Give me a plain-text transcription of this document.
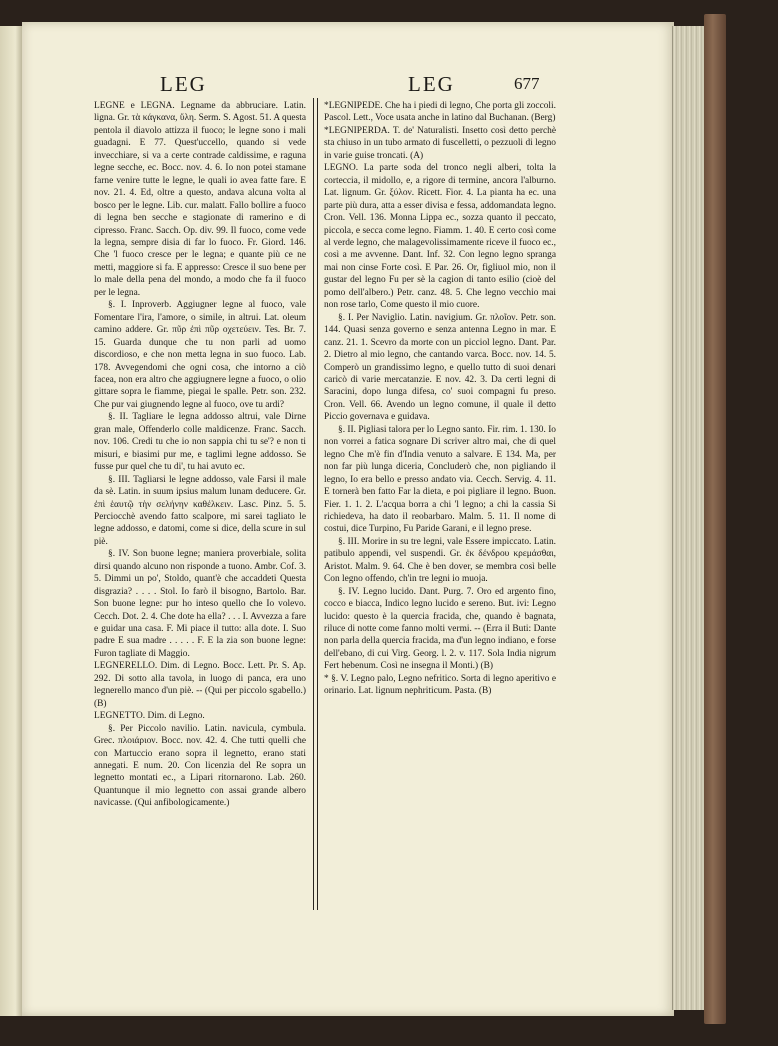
LEG	LEG	677

LEGNE e LEGNA. Legname da abbruciare. Latin. ligna. Gr. τὰ κάγκανα, ὕλη. Serm. S. Agost. 51. A questa pentola il diavolo attizza il fuoco; le legne sono i mali guadagni. E 77. Quest'uccello, quando si vede invecchiare, si va a certe contrade caldissime, e raguna legne secche, ec. Bocc. nov. 4. 6. Io non potei stamane farne venire tutte le legne, le quali io avea fatte fare. E nov. 21. 4. Ed, oltre a questo, andava alcuna volta al bosco per le legne. Lib. cur. malatt. Fallo bollire a fuoco di legna ben secche e stagionate di ramerino e di cipresso. Franc. Sacch. Op. div. 99. Il fuoco, come vede la legna, sempre disia di far lo fuoco. Fr. Giord. 146. Che 'l fuoco cresce per le legna; e quante più ce ne metti, maggiore si fa. E appresso: Cresce il suo bene per lo male della pena del mondo, a modo che fa il fuoco per le legna.

§. I. Inproverb. Aggiugner legne al fuoco, vale Fomentare l'ira, l'amore, o simile, in altrui. Lat. oleum camino addere. Gr. πῦρ ἐπὶ πῦρ οχετεύειν. Tes. Br. 7. 15. Guarda dunque che tu non parli ad uomo discordioso, e che non metta legna in suo fuoco. Lab. 178. Avvegendomi che ogni cosa, che intorno a ciò facea, non era altro che aggiugnere legne a fuoco, o olio gittare sopra le fiamme, piegai le spalle. Petr. son. 232. Che pur vai giugnendo legne al fuoco, ove tu ardi?

§. II. Tagliare le legna addosso altrui, vale Dirne gran male, Offenderlo colle maldicenze. Franc. Sacch. nov. 106. Credi tu che io non sappia chi tu se'? e non ti misuri, e biasimi pur me, e taglimi legne addosso. Se fusse pur quel che tu di', tu hai avuto ec.

§. III. Tagliarsi le legne addosso, vale Farsi il male da sè. Latin. in suum ipsius malum lunam deducere. Gr. ἐπὶ ἑαυτῷ τὴν σελήνην καθέλκειν. Lasc. Pinz. 5. 5. Perciocchè avendo fatto scalpore, mi sarei tagliato le legne addosso, e datomi, come si dice, della scure in sul piè.

§. IV. Son buone legne; maniera proverbiale, solita dirsi quando alcuno non risponde a tuono. Ambr. Cof. 3. 5. Dimmi un po', Stoldo, quant'è che accaddeti Questa disgrazia? . . . . Stol. Io farò il bisogno, Bartolo. Bar. Son buone legne: pur ho inteso quello che Io volevo. Cecch. Dot. 2. 4. Che dote ha ella? . . . I. Avvezza a fare e guidar una casa. F. Mi piace il tutto: alla dote. I. Suo padre E sua madre . . . . . F. E la zia son buone legne: Furon tagliate di Maggio.

LEGNERELLO. Dim. di Legno. Bocc. Lett. Pr. S. Ap. 292. Di sotto alla tavola, in luogo di panca, era uno legnerello manco d'un piè. -- (Qui per piccolo sgabello.) (B)

LEGNETTO. Dim. di Legno.

§. Per Piccolo navilio. Latin. navicula, cymbula. Grec. πλοιάριον. Bocc. nov. 42. 4. Che tutti quelli che con Martuccio erano sopra il legnetto, erano stati annegati. E num. 20. Con licenzia del Re sopra un legnetto montati ec., a Lipari ritornarono. Lab. 260. Quantunque il mio legnetto con assai grande albero navicasse. (Qui anfibologicamente.)

*LEGNIPEDE. Che ha i piedi di legno, Che porta gli zoccoli. Pascol. Lett., Voce usata anche in latino dal Buchanan. (Berg)

*LEGNIPERDA. T. de' Naturalisti. Insetto così detto perchè sta chiuso in un tubo armato di fuscelletti, o pezzuoli di legno in varie guise troncati. (A)

LEGNO. La parte soda del tronco negli alberi, tolta la corteccia, il midollo, e, a rigore di termine, ancora l'alburno. Lat. lignum. Gr. ξύλον. Ricett. Fior. 4. La pianta ha ec. una parte più dura, atta a esser divisa e fessa, addomandata legno. Cron. Vell. 136. Monna Lippa ec., sozza quanto il peccato, piccola, e secca come legno. Fiamm. 1. 40. E certo così come al verde legno, che malagevolissimamente riceve il fuoco ec., così a me avvenne. Dant. Inf. 32. Con legno legno spranga mai non cinse Forte così. E Par. 26. Or, figliuol mio, non il gustar del legno Fu per sè la cagion di tanto esilio (cioè del pomo dell'albero.) Petr. canz. 48. 5. Che legno vecchio mai non rose tarlo, Come questo il mio cuore.

§. I. Per Naviglio. Latin. navigium. Gr. πλοῖον. Petr. son. 144. Quasi senza governo e senza antenna Legno in mar. E canz. 21. 1. Scevro da morte con un picciol legno. Dant. Par. 2. Dietro al mio legno, che cantando varca. Bocc. nov. 14. 5. Comperò un grandissimo legno, e quello tutto di suoi denari caricò di varie mercatanzie. E nov. 42. 3. Da certi legni di Saracini, dopo lunga difesa, co' suoi compagni fu preso. Cron. Vell. 66. Avendo un legno comune, il quale il detto Piccio governava e guidava.

§. II. Pigliasi talora per lo Legno santo. Fir. rim. 1. 130. Io non vorrei a fatica sognare Di scriver altro mai, che di quel legno Che m'è fin d'India venuto a salvare. E 134. Ma, per non far più lunga diceria, Concluderò che, non pigliando il legno, Io era bello e presso andato via. Cecch. Servig. 4. 11. E tornerà ben fatto Far la dieta, e poi pigliare il legno. Buon. Fier. 1. 1. 2. L'acqua borra a chi 'l legno; a chi la cassia Si richiedeva, ha dato il reobarbaro. Malm. 5. 11. Il nome di costui, dice Turpino, Fu Paride Garani, e il legno prese.

§. III. Morire in su tre legni, vale Essere impiccato. Latin. patibulo appendi, vel suspendi. Gr. ἐκ δένδρου κρεμάσθαι, Aristot. Malm. 9. 64. Che è ben dover, se membra così belle Con legno offendo, ch'in tre legni io muoja.

§. IV. Legno lucido. Dant. Purg. 7. Oro ed argento fino, cocco e biacca, Indico legno lucido e sereno. But. ivi: Legno lucido: questo è la quercia fracida, che, quando è bagnata, riluce di notte come fanno molti vermi. -- (Erra il Buti: Dante non parla della quercia fracida, ma d'un legno indiano, e forse dell'ebano, di cui Virg. Georg. l. 2. v. 117. Sola India nigrum Fert hebenum. Così ne insegna il Monti.) (B)

* §. V. Legno palo, Legno nefritico. Sorta di legno aperitivo e orinario. Lat. lignum nephriticum. Pasta. (B)
